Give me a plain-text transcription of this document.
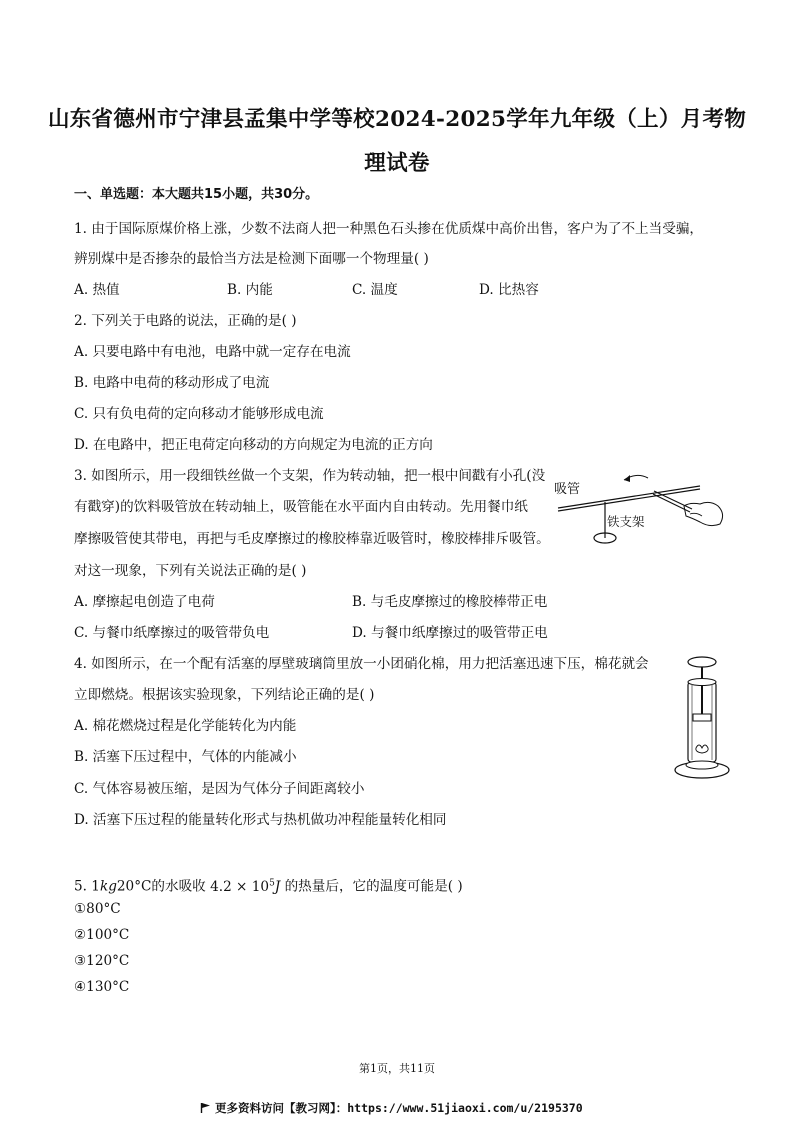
山东省德州市宁津县孟集中学等校2024-2025学年九年级（上）月考物
理试卷
一、单选题：本大题共15小题，共30分。
1. 由于国际原煤价格上涨，少数不法商人把一种黑色石头掺在优质煤中高价出售，客户为了不上当受骗，
辨别煤中是否掺杂的最恰当方法是检测下面哪一个物理量( )
A. 热值	B. 内能	C. 温度	D. 比热容
2. 下列关于电路的说法，正确的是( )
A. 只要电路中有电池，电路中就一定存在电流
B. 电路中电荷的移动形成了电流
C. 只有负电荷的定向移动才能够形成电流
D. 在电路中，把正电荷定向移动的方向规定为电流的正方向
3. 如图所示，用一段细铁丝做一个支架，作为转动轴，把一根中间戳有小孔(没
有戳穿)的饮料吸管放在转动轴上，吸管能在水平面内自由转动。先用餐巾纸
摩擦吸管使其带电，再把与毛皮摩擦过的橡胶棒靠近吸管时，橡胶棒排斥吸管。
对这一现象，下列有关说法正确的是( )
A. 摩擦起电创造了电荷	B. 与毛皮摩擦过的橡胶棒带正电
C. 与餐巾纸摩擦过的吸管带负电	D. 与餐巾纸摩擦过的吸管带正电
吸管
铁支架
4. 如图所示，在一个配有活塞的厚壁玻璃筒里放一小团硝化棉，用力把活塞迅速下压，棉花就会
立即燃烧。根据该实验现象，下列结论正确的是( )
A. 棉花燃烧过程是化学能转化为内能
B. 活塞下压过程中，气体的内能减小
C. 气体容易被压缩，是因为气体分子间距离较小
D. 活塞下压过程的能量转化形式与热机做功冲程能量转化相同
5. 1kg20°C的水吸收 $4.2 \times 10^5J$ 的热量后，它的温度可能是( )
①80°C
②100°C
③120°C
④130°C
第1页，共11页
更多资料访问【教习网】：https://www.51jiaoxi.com/u/2195370
